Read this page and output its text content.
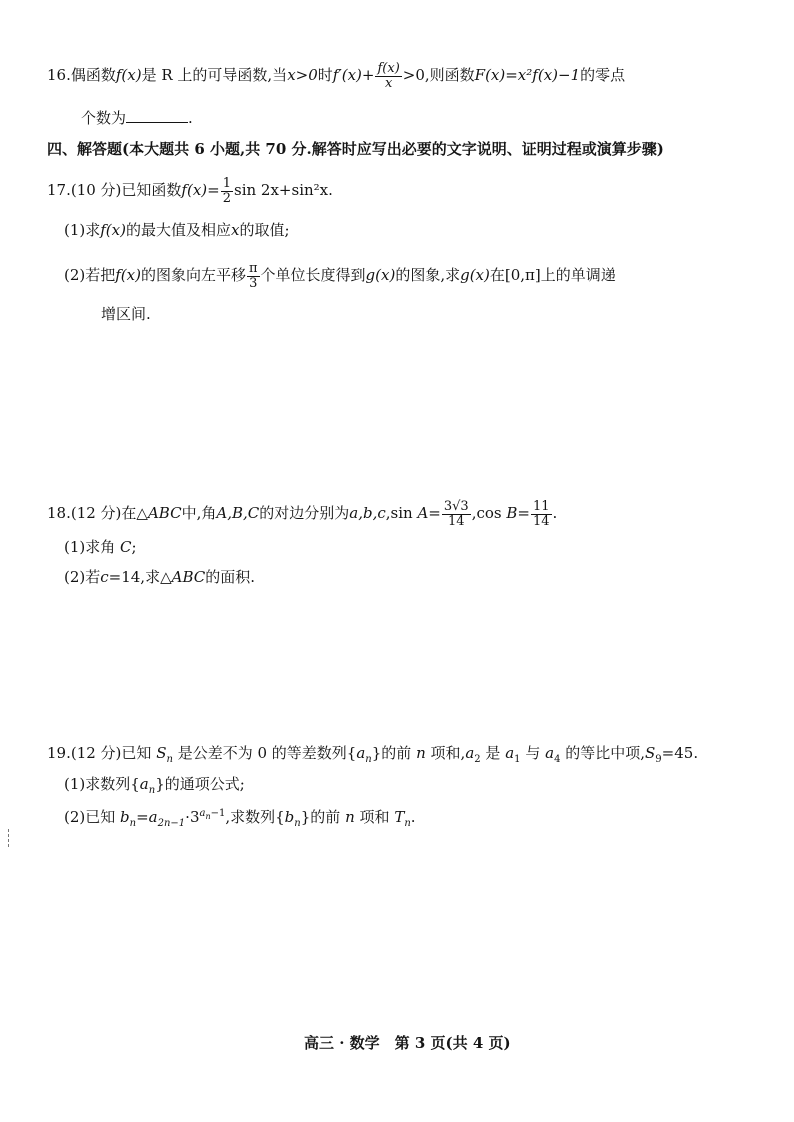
16.偶函数f(x)是 R 上的可导函数,当x>0时$f'(x)+ \frac{f(x)}{x} >0$,则函数F(x)=x²f(x)−1的零点
个数为	.
四、解答题(本大题共 6 小题,共 70 分.解答时应写出必要的文字说明、证明过程或演算步骤)
17.(10 分)已知函数$f(x)= \frac{1}{2}$ sin 2x+sin²x.
(1)求f(x)的最大值及相应x的取值;
(2)若把f(x)的图象向左平移 $\frac{\pi}{3}$ 个单位长度得到g(x)的图象,求g(x)在[0,π]上的单调递
增区间.
18.(12 分)在△ABC中,角A,B,C的对边分别为a,b,c,sin $A= \frac{3√3}{14} ,\cos$ $B= \frac{11}{14}$ .
(1)求角 C;
(2)若c=14,求△ABC的面积.
19.(12 分)已知 $S_n$ 是公差不为 0 的等差数列$\{a_n\}$的前 n 项和$,a_2$ 是 $a_1$ 与 $a_4$ 的等比中项$,S_9=45$.
(1)求数列$\{a_n\}$的通项公式;
(2)已知 $b_n=a_{2n-1}\cdot 3^{a_n-1}$,求数列$\{b_n\}$的前 n 项和 $T_n$.
高三 · 数学　第 3 页(共 4 页)
